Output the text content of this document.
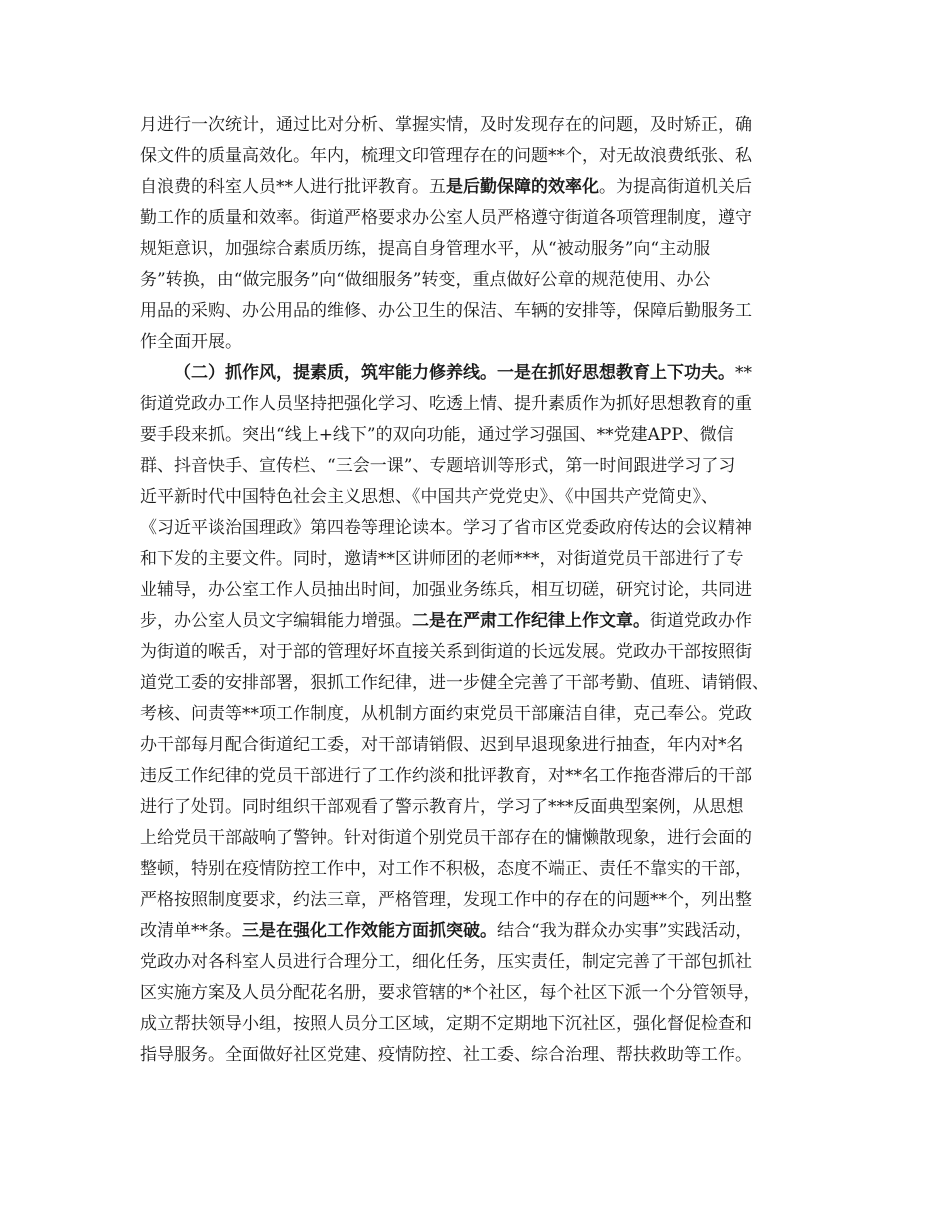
月进行一次统计，通过比对分析、掌握实情，及时发现存在的问题，及时矫正，确
保文件的质量高效化。年内，梳理文印管理存在的问题**个，对无故浪费纸张、私
自浪费的科室人员**人进行批评教育。五是后勤保障的效率化。为提高街道机关后
勤工作的质量和效率。街道严格要求办公室人员严格遵守街道各项管理制度，遵守
规矩意识，加强综合素质历练，提高自身管理水平，从“被动服务”向“主动服
务”转换，由“做完服务”向“做细服务”转变，重点做好公章的规范使用、办公
用品的采购、办公用品的维修、办公卫生的保洁、车辆的安排等，保障后勤服务工
作全面开展。
（二）抓作风，提素质，筑牢能力修养线。一是在抓好思想教育上下功夫。**
街道党政办工作人员坚持把强化学习、吃透上情、提升素质作为抓好思想教育的重
要手段来抓。突出“线上+线下”的双向功能，通过学习强国、**党建APP、微信
群、抖音快手、宣传栏、“三会一课”、专题培训等形式，第一时间跟进学习了习
近平新时代中国特色社会主义思想、《中国共产党党史》、《中国共产党简史》、
《习近平谈治国理政》第四卷等理论读本。学习了省市区党委政府传达的会议精神
和下发的主要文件。同时，邀请**区讲师团的老师***，对街道党员干部进行了专
业辅导，办公室工作人员抽出时间，加强业务练兵，相互切磋，研究讨论，共同进
步，办公室人员文字编辑能力增强。二是在严肃工作纪律上作文章。街道党政办作
为街道的喉舌，对于部的管理好坏直接关系到街道的长远发展。党政办干部按照街
道党工委的安排部署，狠抓工作纪律，进一步健全完善了干部考勤、值班、请销假、
考核、问责等**项工作制度，从机制方面约束党员干部廉洁自律，克己奉公。党政
办干部每月配合街道纪工委，对干部请销假、迟到早退现象进行抽查，年内对*名
违反工作纪律的党员干部进行了工作约淡和批评教育，对**名工作拖沓滞后的干部
进行了处罚。同时组织干部观看了警示教育片，学习了***反面典型案例，从思想
上给党员干部敲响了警钟。针对街道个别党员干部存在的慵懒散现象，进行会面的
整顿，特别在疫情防控工作中，对工作不积极，态度不端正、责任不靠实的干部，
严格按照制度要求，约法三章，严格管理，发现工作中的存在的问题**个，列出整
改清单**条。三是在强化工作效能方面抓突破。结合“我为群众办实事”实践活动，
党政办对各科室人员进行合理分工，细化任务，压实责任，制定完善了干部包抓社
区实施方案及人员分配花名册，要求管辖的*个社区，每个社区下派一个分管领导，
成立帮扶领导小组，按照人员分工区域，定期不定期地下沉社区，强化督促检查和
指导服务。全面做好社区党建、疫情防控、社工委、综合治理、帮扶救助等工作。
